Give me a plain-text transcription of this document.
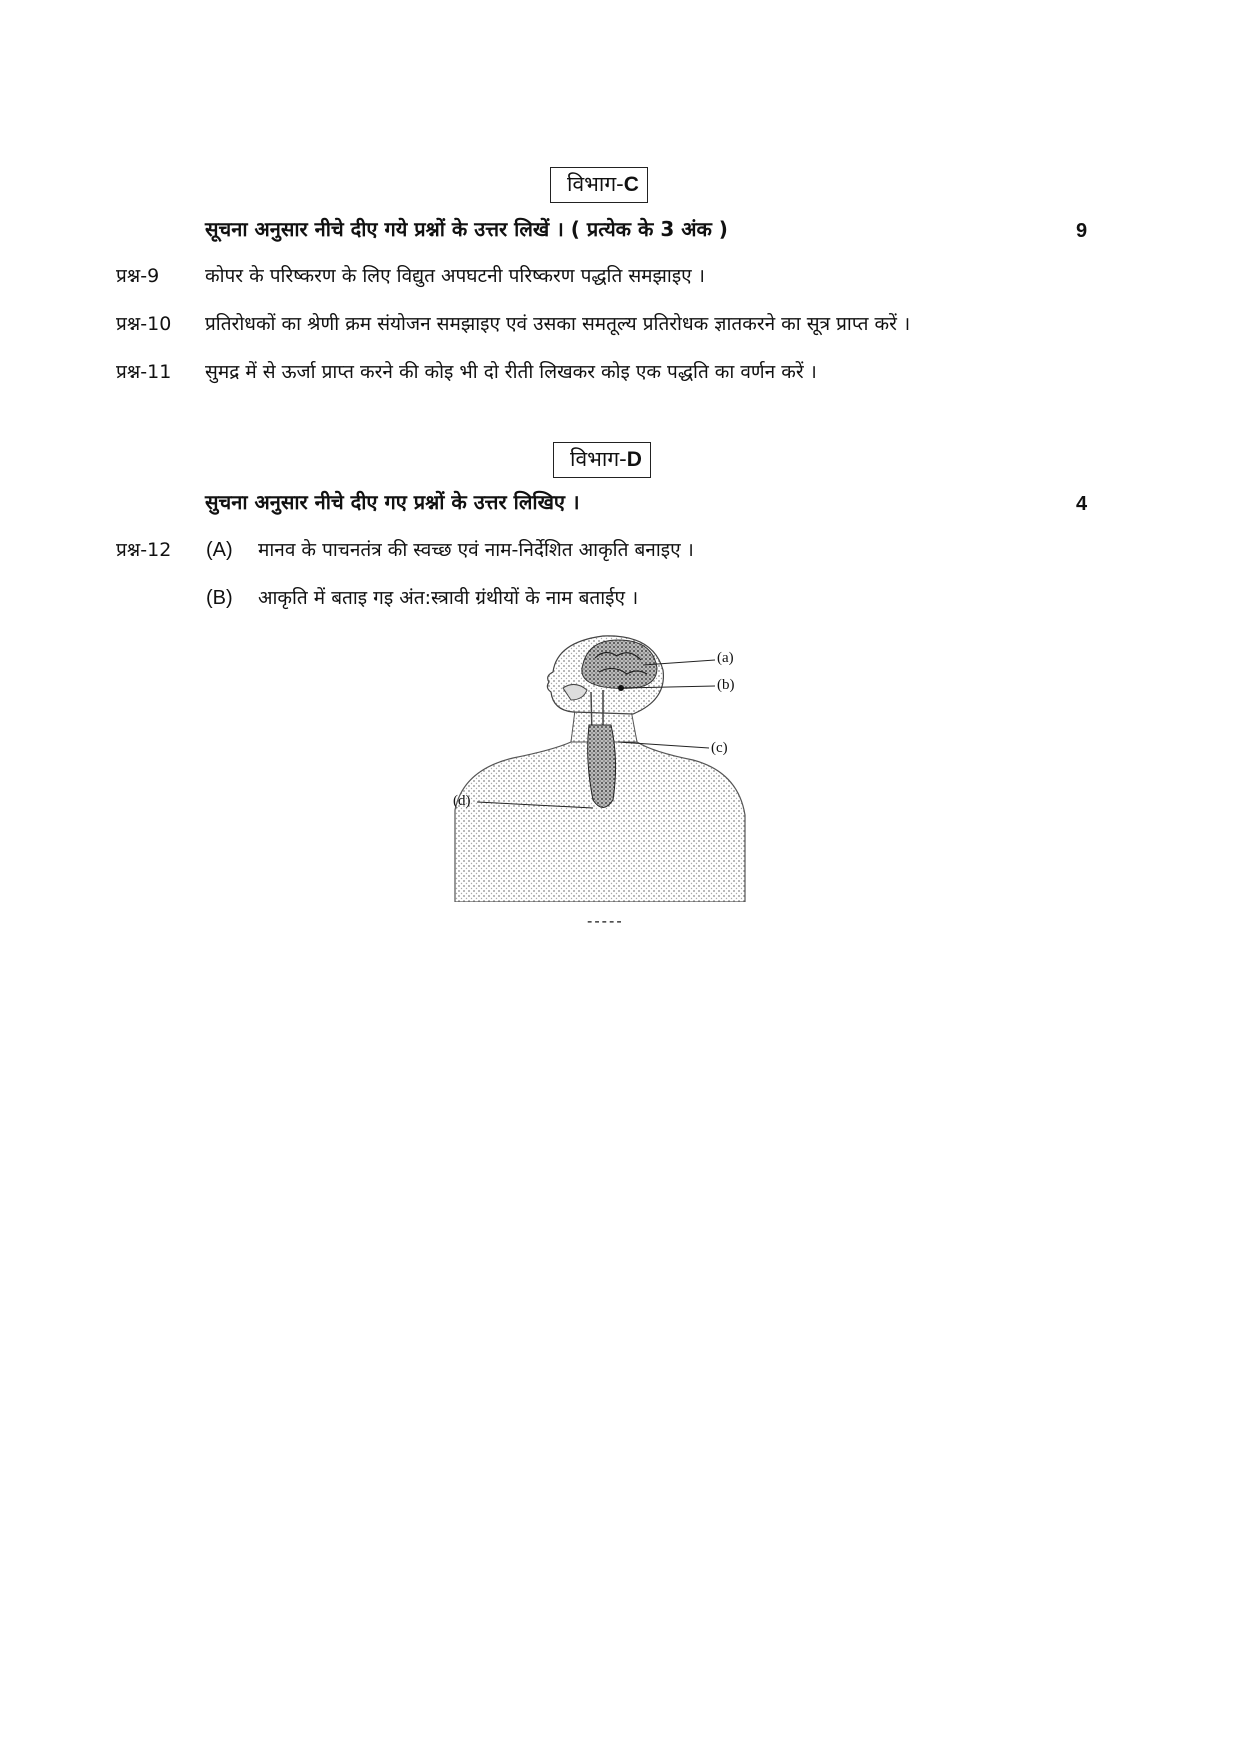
विभाग-C
सूचना अनुसार नीचे दीए गये प्रश्नों के उत्तर लिखें । ( प्रत्येक के 3 अंक )	9
प्रश्न-9 कोपर के परिष्करण के लिए विद्युत अपघटनी परिष्करण पद्धति समझाइए ।
प्रश्न-10 प्रतिरोधकों का श्रेणी क्रम संयोजन समझाइए एवं उसका समतूल्य प्रतिरोधक ज्ञातकरने का सूत्र प्राप्त करें ।
प्रश्न-11 सुमद्र में से ऊर्जा प्राप्त करने की कोइ भी दो रीती लिखकर कोइ एक पद्धति का वर्णन करें ।
विभाग-D
सुचना अनुसार नीचे दीए गए प्रश्नों के उत्तर लिखिए ।	4
प्रश्न-12 (A) मानव के पाचनतंत्र की स्वच्छ एवं नाम-निर्देशित आकृति बनाइए ।
(B) आकृति में बताइ गइ अंत:स्त्रावी ग्रंथीयों के नाम बताईए ।
(a)
(b)
(c)
(d)
-----
